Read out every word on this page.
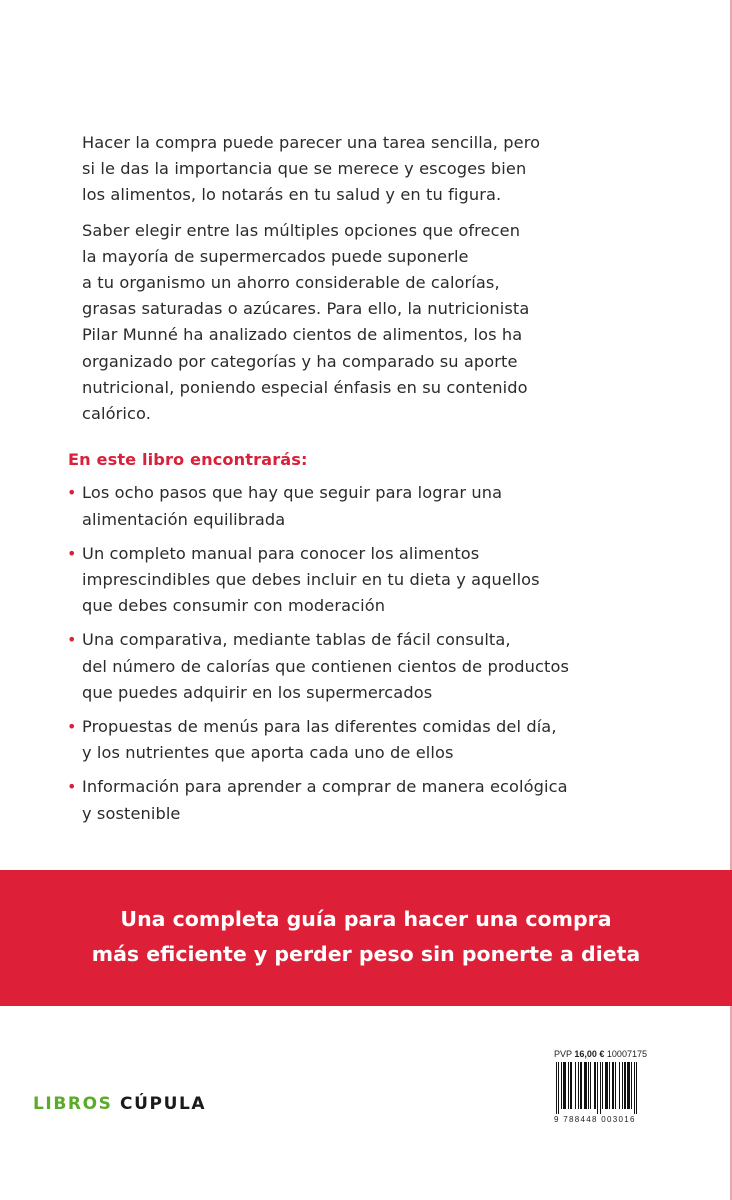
Hacer la compra puede parecer una tarea sencilla, pero
si le das la importancia que se merece y escoges bien
los alimentos, lo notarás en tu salud y en tu figura.

Saber elegir entre las múltiples opciones que ofrecen
la mayoría de supermercados puede suponerle
a tu organismo un ahorro considerable de calorías,
grasas saturadas o azúcares. Para ello, la nutricionista
Pilar Munné ha analizado cientos de alimentos, los ha
organizado por categorías y ha comparado su aporte
nutricional, poniendo especial énfasis en su contenido
calórico.

En este libro encontrarás:
• Los ocho pasos que hay que seguir para lograr una
alimentación equilibrada
• Un completo manual para conocer los alimentos
imprescindibles que debes incluir en tu dieta y aquellos
que debes consumir con moderación
• Una comparativa, mediante tablas de fácil consulta,
del número de calorías que contienen cientos de productos
que puedes adquirir en los supermercados
• Propuestas de menús para las diferentes comidas del día,
y los nutrientes que aporta cada uno de ellos
• Información para aprender a comprar de manera ecológica
y sostenible
Una completa guía para hacer una compra
más eficiente y perder peso sin ponerte a dieta
LIBROS CÚPULA
PVP 16,00 € 10007175
9 788448 003016
